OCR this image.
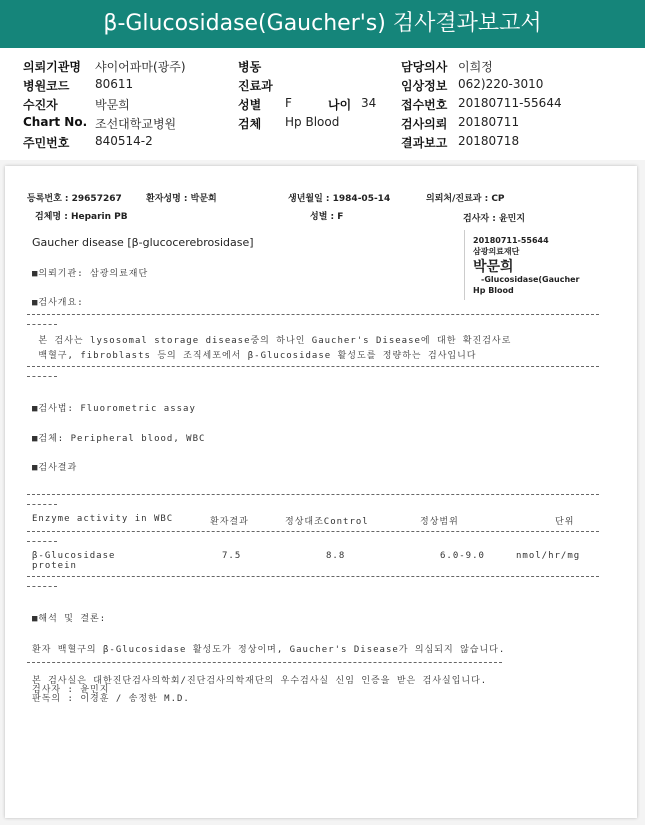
β-Glucosidase(Gaucher's) 검사결과보고서
의뢰기관명 샤이어파마(광주)
병원코드 80611
수진자	박문희
Chart No. 조선대학교병원
주민번호 840514-2
병동
진료과
성별 F	나이 34
검체 Hp Blood
담당의사 이희정
임상정보 062)220-3010
접수번호 20180711-55644
검사의뢰 20180711
결과보고 20180718
등록번호 : 29657267	환자성명 : 박문희	생년월일 : 1984-05-14	의뢰처/진료과 : CP
검체명 : Heparin PB	성별 : F	검사자 : 윤민지
Gaucher disease [β-glucocerebrosidase]	20180711-55644
삼광의료재단
박문희
-Glucosidase(Gaucher
Hp Blood
■의뢰기관: 삼광의료재단
■검사개요:
본 검사는 lysosomal storage disease중의 하나인 Gaucher's Disease에 대한 확진검사로
백혈구, fibroblasts 등의 조직세포에서 β-Glucosidase 활성도를 정량하는 검사입니다
■검사법: Fluorometric assay
■검체: Peripheral blood, WBC
■검사결과
Enzyme activity in WBC	환자결과	정상대조Control	정상범위	단위
β-Glucosidase
protein
7.5	8.8	6.0-9.0	nmol/hr/mg
■해석 및 결론:
환자 백혈구의 β-Glucosidase 활성도가 정상이며, Gaucher's Disease가 의심되지 않습니다.
본 검사실은 대한진단검사의학회/진단검사의학재단의 우수검사실 신임 인증을 받은 검사실입니다.
검사자 : 윤민지
판독의 : 이경훈 / 송정한 M.D.
